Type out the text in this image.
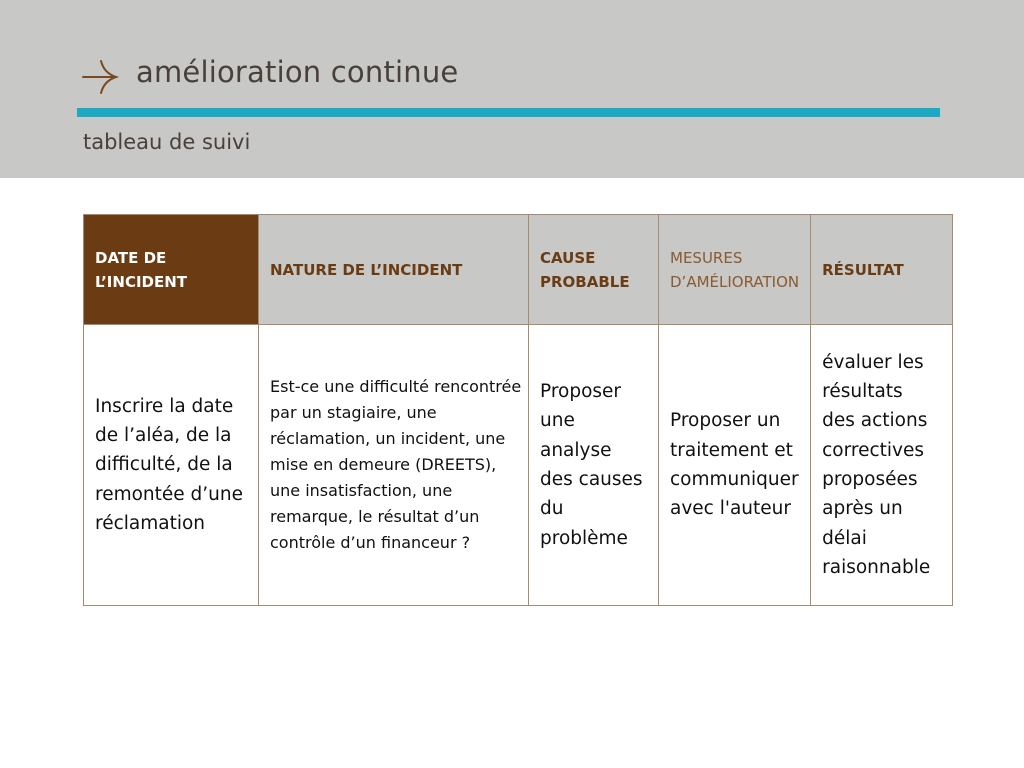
amélioration continue
tableau de suivi
DATE DE L’INCIDENT	NATURE DE L’INCIDENT	CAUSE PROBABLE	MESURES D’AMÉLIORATION	RÉSULTAT
Inscrire la date de l’aléa, de la difficulté, de la remontée d’une réclamation	Est-ce une difficulté rencontrée par un stagiaire, une réclamation, un incident, une mise en demeure (DREETS), une insatisfaction, une remarque, le résultat d’un contrôle d’un financeur ?	Proposer une analyse des causes du problème	Proposer un traitement et communiquer avec l'auteur	évaluer les résultats des actions correctives proposées après un délai raisonnable
